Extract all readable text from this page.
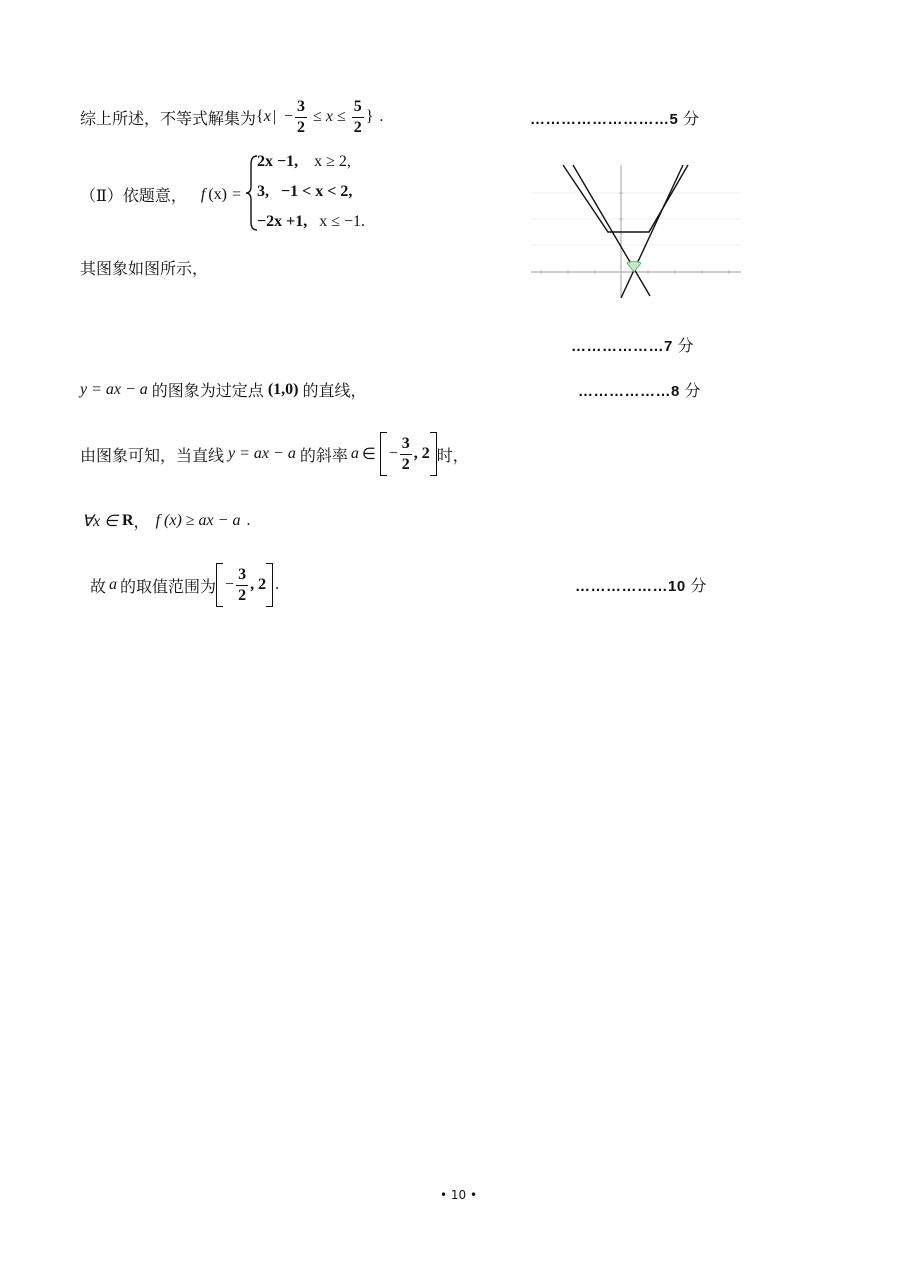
综上所述，不等式解集为 { x | − $\frac{3}{2} \le x \le \frac{5}{2}$ } .	………………………5 分
（Ⅱ）依题意， f (x) =
2x −1, x ≥ 2,
3, −1 < x < 2,
−2x +1, x ≤ −1.
其图象如图所示，
………………7 分
y = ax − a 的图象为过定点 (1,0) 的直线，	………………8 分
由图象可知，当直线 y = ax − a 的斜率 a ∈ − $\frac{3}{2}$ , 2 时，
∀x ∈ R ， f (x) ≥ ax − a .
故 a 的取值范围为 − $\frac{3}{2}$ , 2 .	………………10 分
• 10 •
